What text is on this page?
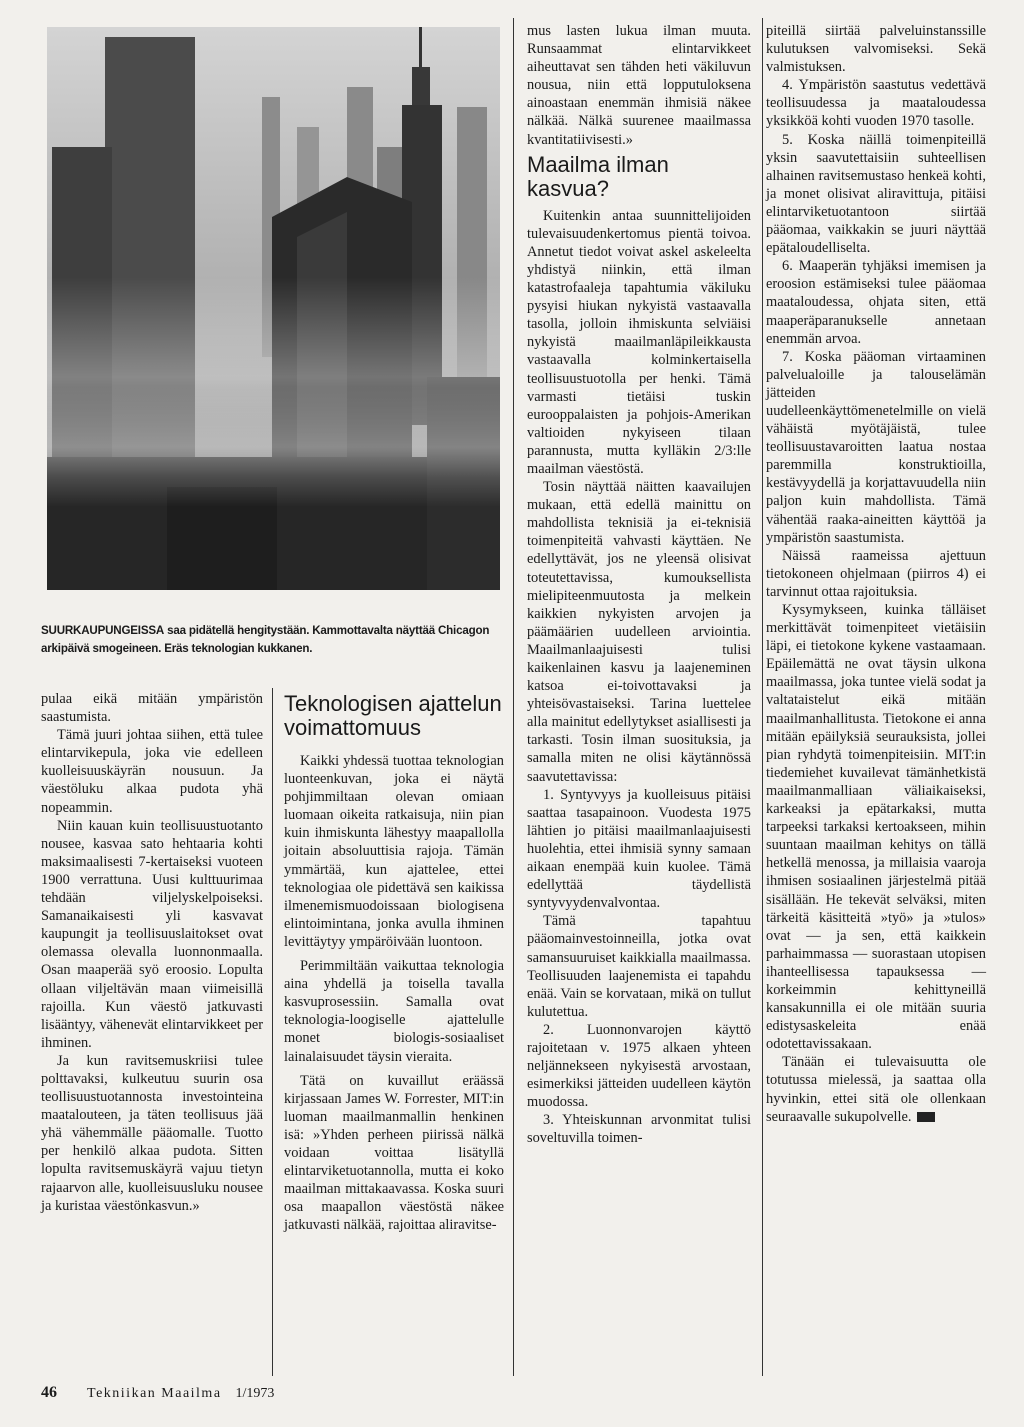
SUURKAUPUNGEISSA saa pidätellä hengitystään. Kammottavalta näyttää Chicagon arkipäivä smogeineen. Eräs teknologian kukkanen.

pulaa eikä mitään ympäristön saastumista.

Tämä juuri johtaa siihen, että tulee elintarvikepula, joka vie edelleen kuolleisuuskäyrän nousuun. Ja väestöluku alkaa pudota yhä nopeammin.

Niin kauan kuin teollisuustuotanto nousee, kasvaa sato hehtaaria kohti maksimaalisesti 7-kertaiseksi vuoteen 1900 verrattuna. Uusi kulttuurimaa tehdään viljelyskelpoiseksi. Samanaikaisesti yli kasvavat kaupungit ja teollisuuslaitokset ovat olemassa olevalla luonnonmaalla. Osan maaperää syö eroosio. Lopulta ollaan viljeltävän maan viimeisillä rajoilla. Kun väestö jatkuvasti lisääntyy, vähenevät elintarvikkeet per ihminen.

Ja kun ravitsemuskriisi tulee polttavaksi, kulkeutuu suurin osa teollisuustuotannosta investointeina maatalouteen, ja täten teollisuus jää yhä vähemmälle pääomalle. Tuotto per henkilö alkaa pudota. Sitten lopulta ravitsemuskäyrä vajuu tietyn rajaarvon alle, kuolleisuusluku nousee ja kuristaa väestönkasvun.»

Teknologisen ajattelun voimattomuus

Kaikki yhdessä tuottaa teknologian luonteenkuvan, joka ei näytä pohjimmiltaan olevan omiaan luomaan oikeita ratkaisuja, niin pian kuin ihmiskunta lähestyy maapallolla joitain absoluuttisia rajoja. Tämän ymmärtää, kun ajattelee, ettei teknologiaa ole pidettävä sen kaikissa ilmenemismuodoissaan biologisena elintoimintana, jonka avulla ihminen levittäytyy ympäröivään luontoon.

Perimmiltään vaikuttaa teknologia aina yhdellä ja toisella tavalla kasvuprosessiin. Samalla ovat teknologia-loogiselle ajattelulle monet biologis-sosiaaliset lainalaisuudet täysin vieraita.

Tätä on kuvaillut eräässä kirjassaan James W. Forrester, MIT:in luoman maailmanmallin henkinen isä: »Yhden perheen piirissä nälkä voidaan voittaa lisätyllä elintarviketuotannolla, mutta ei koko maailman mittakaavassa. Koska suuri osa maapallon väestöstä näkee jatkuvasti nälkää, rajoittaa aliravitse-

mus lasten lukua ilman muuta. Runsaammat elintarvikkeet aiheuttavat sen tähden heti väkiluvun nousua, niin että lopputuloksena ainoastaan enemmän ihmisiä näkee nälkää. Nälkä suurenee maailmassa kvantitatiivisesti.»

Maailma ilman kasvua?

Kuitenkin antaa suunnittelijoiden tulevaisuudenkertomus pientä toivoa. Annetut tiedot voivat askel askeleelta yhdistyä niinkin, että ilman katastrofaaleja tapahtumia väkiluku pysyisi hiukan nykyistä vastaavalla tasolla, jolloin ihmiskunta selviäisi nykyistä maailmanläpileikkausta vastaavalla kolminkertaisella teollisuustuotolla per henki. Tämä varmasti tietäisi tuskin eurooppalaisten ja pohjois-Amerikan valtioiden nykyiseen tilaan parannusta, mutta kylläkin 2/3:lle maailman väestöstä.

Tosin näyttää näitten kaavailujen mukaan, että edellä mainittu on mahdollista teknisiä ja ei-teknisiä toimenpiteitä vahvasti käyttäen. Ne edellyttävät, jos ne yleensä olisivat toteutettavissa, kumouksellista mielipiteenmuutosta ja melkein kaikkien nykyisten arvojen ja päämäärien uudelleen arviointia. Maailmanlaajuisesti tulisi kaikenlainen kasvu ja laajeneminen katsoa ei-toivottavaksi ja yhteisövastaiseksi. Tarina luettelee alla mainitut edellytykset asiallisesti ja tarkasti. Tosin ilman suosituksia, ja samalla miten ne olisi käytännössä saavutettavissa:

1. Syntyvyys ja kuolleisuus pitäisi saattaa tasapainoon. Vuodesta 1975 lähtien jo pitäisi maailmanlaajuisesti huolehtia, ettei ihmisiä synny samaan aikaan enempää kuin kuolee. Tämä edellyttää täydellistä syntyvyydenvalvontaa.

Tämä tapahtuu pääomainvestoinneilla, jotka ovat samansuuruiset kaikkialla maailmassa. Teollisuuden laajenemista ei tapahdu enää. Vain se korvataan, mikä on tullut kulutettua.

2. Luonnonvarojen käyttö rajoitetaan v. 1975 alkaen yhteen neljännekseen nykyisestä arvostaan, esimerkiksi jätteiden uudelleen käytön muodossa.

3. Yhteiskunnan arvonmitat tulisi soveltuvilla toimen-

piteillä siirtää palveluinstanssille kulutuksen valvomiseksi. Sekä valmistuksen.

4. Ympäristön saastutus vedettävä teollisuudessa ja maataloudessa yksikköä kohti vuoden 1970 tasolle.

5. Koska näillä toimenpiteillä yksin saavutettaisiin suhteellisen alhainen ravitsemustaso henkeä kohti, ja monet olisivat aliravittuja, pitäisi elintarviketuotantoon siirtää pääomaa, vaikkakin se juuri näyttää epätaloudelliselta.

6. Maaperän tyhjäksi imemisen ja eroosion estämiseksi tulee pääomaa maataloudessa, ohjata siten, että maaperäparanukselle annetaan enemmän arvoa.

7. Koska pääoman virtaaminen palvelualoille ja talouselämän jätteiden uudelleenkäyttömenetelmille on vielä vähäistä myötäjäistä, tulee teollisuustavaroitten laatua nostaa paremmilla konstruktioilla, kestävyydellä ja korjattavuudella niin paljon kuin mahdollista. Tämä vähentää raaka-aineitten käyttöä ja ympäristön saastumista.

Näissä raameissa ajettuun tietokoneen ohjelmaan (piirros 4) ei tarvinnut ottaa rajoituksia.

Kysymykseen, kuinka tälläiset merkittävät toimenpiteet vietäisiin läpi, ei tietokone kykene vastaamaan. Epäilemättä ne ovat täysin ulkona maailmassa, joka tuntee vielä sodat ja valtataistelut eikä mitään maailmanhallitusta. Tietokone ei anna mitään epäilyksiä seurauksista, jollei pian ryhdytä toimenpiteisiin. MIT:in tiedemiehet kuvailevat tämänhetkistä maailmanmalliaan väliaikaiseksi, karkeaksi ja epätarkaksi, mutta tarpeeksi tarkaksi kertoakseen, mihin suuntaan maailman kehitys on tällä hetkellä menossa, ja millaisia vaaroja ihmisen sosiaalinen järjestelmä pitää sisällään. He tekevät selväksi, miten tärkeitä käsitteitä »työ» ja »tulos» ovat — ja sen, että kaikkein parhaimmassa — suorastaan utopisen ihanteellisessa tapauksessa — korkeimmin kehittyneillä kansakunnilla ei ole mitään suuria edistysaskeleita enää odotettavissakaan.

Tänään ei tulevaisuutta ole totutussa mielessä, ja saattaa olla hyvinkin, ettei sitä ole ollenkaan seuraavalle sukupolvelle.

46 Tekniikan Maailma 1/1973
